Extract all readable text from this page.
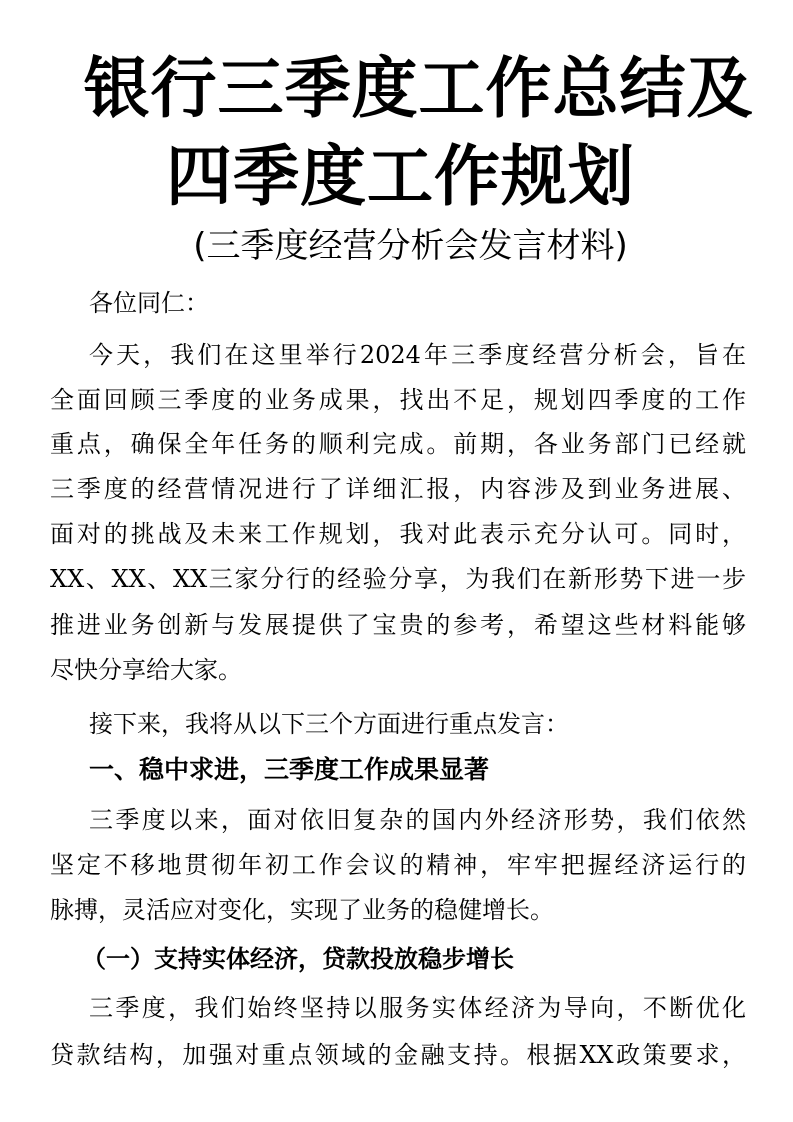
银行三季度工作总结及
四季度工作规划
(三季度经营分析会发言材料)
各位同仁：
今天，我们在这里举行2024年三季度经营分析会，旨在
全面回顾三季度的业务成果，找出不足，规划四季度的工作
重点，确保全年任务的顺利完成。前期，各业务部门已经就
三季度的经营情况进行了详细汇报，内容涉及到业务进展、
面对的挑战及未来工作规划，我对此表示充分认可。同时，
XX、XX、XX三家分行的经验分享，为我们在新形势下进一步
推进业务创新与发展提供了宝贵的参考，希望这些材料能够
尽快分享给大家。
接下来，我将从以下三个方面进行重点发言：
一、稳中求进，三季度工作成果显著
三季度以来，面对依旧复杂的国内外经济形势，我们依然
坚定不移地贯彻年初工作会议的精神，牢牢把握经济运行的
脉搏，灵活应对变化，实现了业务的稳健增长。
（一）支持实体经济，贷款投放稳步增长
三季度，我们始终坚持以服务实体经济为导向，不断优化
贷款结构，加强对重点领域的金融支持。根据XX政策要求，
